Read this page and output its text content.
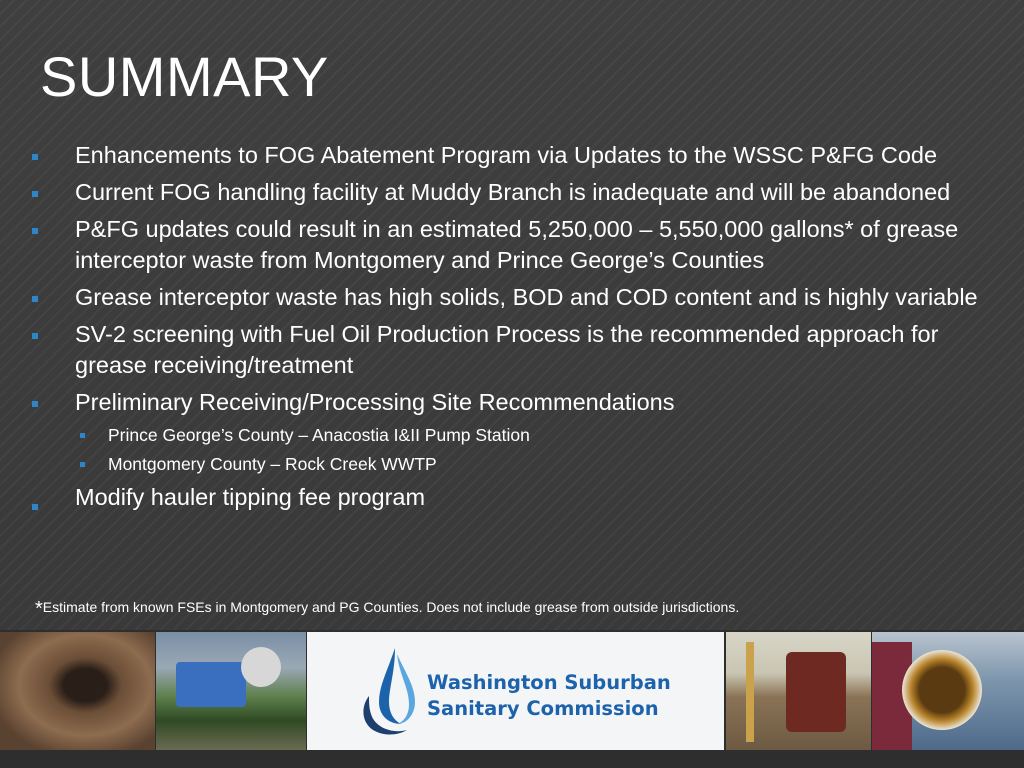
SUMMARY
Enhancements to FOG Abatement Program via Updates to the WSSC P&FG Code
Current FOG handling facility at Muddy Branch is inadequate and will be abandoned
P&FG updates could result in an estimated 5,250,000 – 5,550,000 gallons* of grease interceptor waste from Montgomery and Prince George’s Counties
Grease interceptor waste has high solids, BOD and COD content and is highly variable
SV-2 screening with Fuel Oil Production Process is the recommended approach for grease receiving/treatment
Preliminary Receiving/Processing Site Recommendations
Prince George’s County – Anacostia I&II Pump Station
Montgomery County – Rock Creek WWTP
Modify hauler tipping fee program
*Estimate from known FSEs in Montgomery and PG Counties. Does not include grease from outside jurisdictions.
Washington Suburban
Sanitary Commission
